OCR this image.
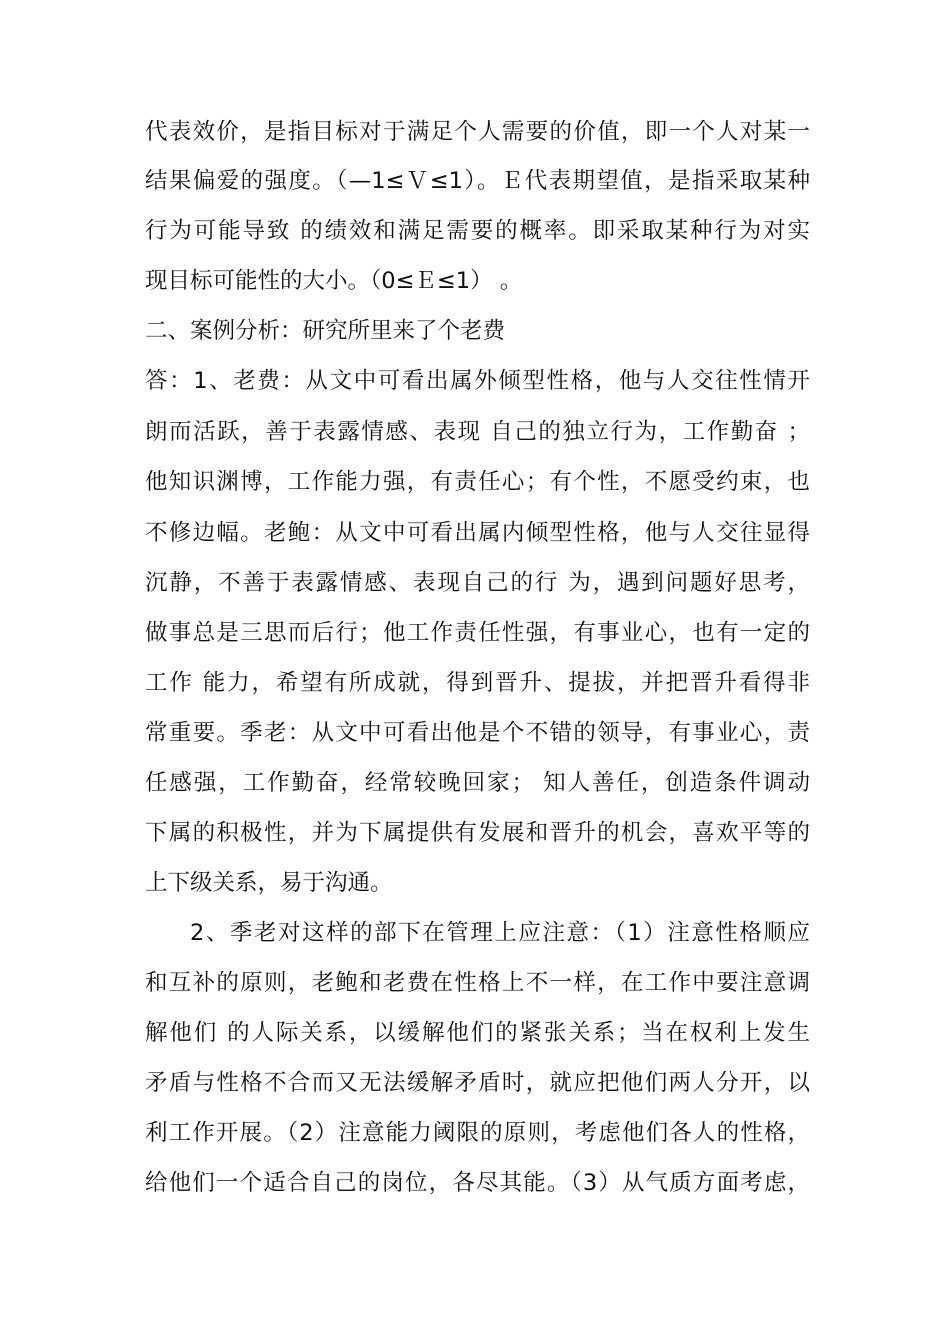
代表效价，是指目标对于满足个人需要的价值，即一个人对某一
结果偏爱的强度。（—1≤Ｖ≤1）。Ｅ代表期望值，是指采取某种
行为可能导致 的绩效和满足需要的概率。即采取某种行为对实
现目标可能性的大小。（0≤Ｅ≤1） 。
二、案例分析：研究所里来了个老费
答：1、老费：从文中可看出属外倾型性格，他与人交往性情开
朗而活跃，善于表露情感、表现 自己的独立行为，工作勤奋 ；
他知识渊博，工作能力强，有责任心；有个性，不愿受约束，也
不修边幅。老鲍：从文中可看出属内倾型性格，他与人交往显得
沉静，不善于表露情感、表现自己的行 为，遇到问题好思考，
做事总是三思而后行；他工作责任性强，有事业心，也有一定的
工作 能力，希望有所成就，得到晋升、提拔，并把晋升看得非
常重要。季老：从文中可看出他是个不错的领导，有事业心，责
任感强，工作勤奋，经常较晚回家； 知人善任，创造条件调动
下属的积极性，并为下属提供有发展和晋升的机会，喜欢平等的
上下级关系，易于沟通。
2、季老对这样的部下在管理上应注意：（1）注意性格顺应
和互补的原则，老鲍和老费在性格上不一样，在工作中要注意调
解他们 的人际关系，以缓解他们的紧张关系；当在权利上发生
矛盾与性格不合而又无法缓解矛盾时，就应把他们两人分开，以
利工作开展。（2）注意能力阈限的原则，考虑他们各人的性格，
给他们一个适合自己的岗位，各尽其能。（3）从气质方面考虑，
